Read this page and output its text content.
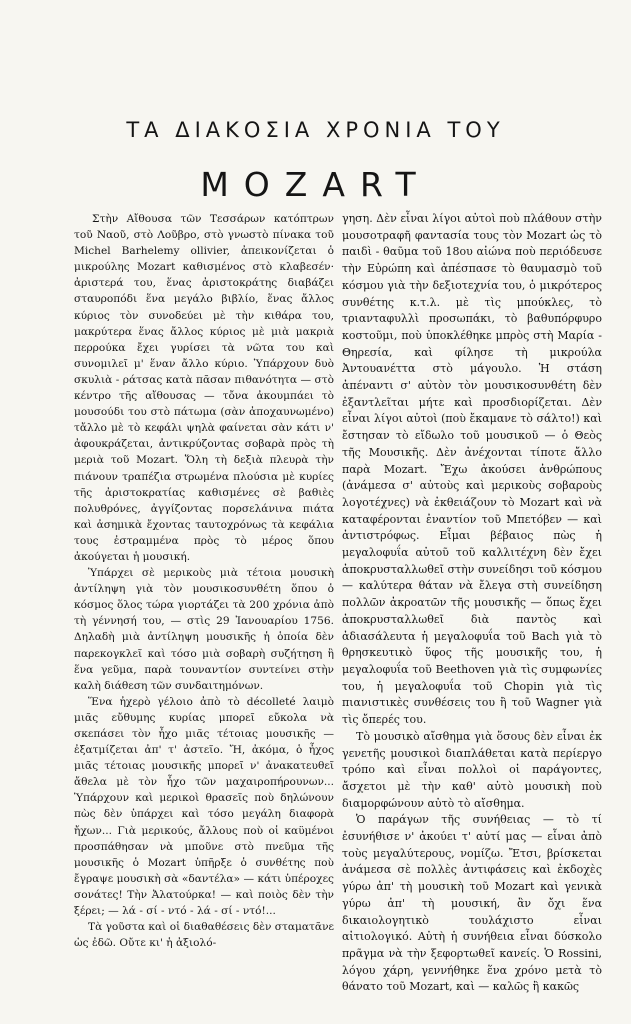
ΤΑ ΔΙΑΚΟΣΙΑ ΧΡΟΝΙΑ ΤΟΥ
MOZART

Στὴν Αἴθουσα τῶν Τεσσάρων κατόπτρων τοῦ Ναοῦ, στὸ Λοῦβρο, στὸ γνωστὸ πίνακα τοῦ Michel Barhelemy ollivier, ἀπεικονίζεται ὁ μικρούλης Mozart καθισμένος στὸ κλαβεσέν· ἀριστερά του, ἕνας ἀριστοκράτης διαβάζει σταυροπόδι ἕνα μεγάλο βιβλίο, ἕνας ἄλλος κύριος τὸν συνοδεύει μὲ τὴν κιθάρα του, μακρύτερα ἕνας ἄλλος κύριος μὲ μιὰ μακριὰ περρούκα ἔχει γυρίσει τὰ νῶτα του καὶ συνομιλεῖ μ' ἕναν ἄλλο κύριο. Ὑπάρχουν δυὸ σκυλιὰ - ράτσας κατὰ πᾶσαν πιθανότητα — στὸ κέντρο τῆς αἴθουσας — τὄνα ἀκουμπάει τὸ μουσούδι του στὸ πάτωμα (σὰν ἀποχαυνωμένο) τἄλλο μὲ τὸ κεφάλι ψηλὰ φαίνεται σὰν κάτι ν' ἀφουκράζεται, ἀντικρύζοντας σοβαρὰ πρὸς τὴ μεριὰ τοῦ Mozart. Ὅλη τὴ δεξιὰ πλευρὰ τὴν πιάνουν τραπέζια στρωμένα πλούσια μὲ κυρίες τῆς ἀριστοκρατίας καθισμένες σὲ βαθιὲς πολυθρόνες, ἀγγίζοντας πορσελάνινα πιάτα καὶ ἀσημικὰ ἔχοντας ταυτοχρόνως τὰ κεφάλια τους ἐστραμμένα πρὸς τὸ μέρος ὅπου ἀκούγεται ἡ μουσική.

Ὑπάρχει σὲ μερικοὺς μιὰ τέτοια μουσικὴ ἀντίληψη γιὰ τὸν μουσικοσυνθέτη ὅπου ὁ κόσμος ὅλος τώρα γιορτάζει τὰ 200 χρόνια ἀπὸ τὴ γέννησή του, — στὶς 29 Ἰανουαρίου 1756. Δηλαδὴ μιὰ ἀντίληψη μουσικῆς ἡ ὁποία δὲν παρεκογκλεῖ καὶ τόσο μιὰ σοβαρὴ συζήτηση ἢ ἕνα γεῦμα, παρὰ τουναντίον συντείνει στὴν καλὴ διάθεση τῶν συνδαιτημόνων.

Ἕνα ἠχερὸ γέλοιο ἀπὸ τὸ décolleté λαιμὸ μιᾶς εὔθυμης κυρίας μπορεῖ εὔκολα νὰ σκεπάσει τὸν ἦχο μιᾶς τέτοιας μουσικῆς — ἐξατμίζεται ἀπ' τ' ἀστεῖο. Ἤ, ἀκόμα, ὁ ἦχος μιᾶς τέτοιας μουσικῆς μπορεῖ ν' ἀνακατευθεῖ ἄθελα μὲ τὸν ἦχο τῶν μαχαιροπήρουνων... Ὑπάρχουν καὶ μερικοὶ θρασεῖς ποὺ δηλώνουν πὼς δὲν ὑπάρχει καὶ τόσο μεγάλη διαφορὰ ἤχων... Γιὰ μερικούς, ἄλλους ποὺ οἱ καϋμένοι προσπάθησαν νὰ μποῦνε στὸ πνεῦμα τῆς μουσικῆς ὁ Mozart ὑπῆρξε ὁ συνθέτης ποὺ ἔγραψε μουσικὴ σὰ «δαντέλα» — κάτι ὑπέροχες σονάτες! Τὴν Ἀλατούρκα! — καὶ ποιὸς δὲν τὴν ξέρει; — λά - σί - ντό - λά - σί - ντό!...

Τὰ γοῦστα καὶ οἱ διαθαθέσεις δὲν σταματᾶνε ὡς ἐδῶ. Οὔτε κι' ἡ ἀξιολό-

γηση. Δὲν εἶναι λίγοι αὐτοὶ ποὺ πλάθουν στὴν μουσοτραφῆ φαντασία τους τὸν Mozart ὡς τὸ παιδὶ - θαῦμα τοῦ 18ου αἰώνα ποὺ περιόδευσε τὴν Εὐρώπη καὶ ἀπέσπασε τὸ θαυμασμὸ τοῦ κόσμου γιὰ τὴν δεξιοτεχνία του, ὁ μικρότερος συνθέτης κ.τ.λ. μὲ τὶς μπούκλες, τὸ τριανταφυλλὶ προσωπάκι, τὸ βαθυπόρφυρο κοστοῦμι, ποὺ ὑποκλέθηκε μπρὸς στὴ Μαρία - Θηρεσία, καὶ φίλησε τὴ μικρούλα Ἀντουανέττα στὸ μάγουλο. Ἡ στάση ἀπέναντι σ' αὐτὸν τὸν μουσικοσυνθέτη δὲν ἐξαντλεῖται μήτε καὶ προσδιορίζεται. Δὲν εἶναι λίγοι αὐτοὶ (ποὺ ἔκαμανε τὸ σάλτο!) καὶ ἔστησαν τὸ εἴδωλο τοῦ μουσικοῦ — ὁ Θεὸς τῆς Μουσικῆς. Δὲν ἀνέχονται τίποτε ἄλλο παρὰ Mozart. Ἔχω ἀκούσει ἀνθρώπους (ἀνάμεσα σ' αὐτοὺς καὶ μερικοὺς σοβαροὺς λογοτέχνες) νὰ ἐκθειάζουν τὸ Mozart καὶ νὰ καταφέρονται ἐναντίον τοῦ Μπετόβεν — καὶ ἀντιστρόφως. Εἶμαι βέβαιος πὼς ἡ μεγαλοφυΐα αὐτοῦ τοῦ καλλιτέχνη δὲν ἔχει ἀποκρυσταλλωθεῖ στὴν συνείδησι τοῦ κόσμου — καλύτερα θάταν νὰ ἔλεγα στὴ συνείδηση πολλῶν ἀκροατῶν τῆς μουσικῆς — ὅπως ἔχει ἀποκρυσταλλωθεῖ διὰ παντὸς καὶ ἀδιασάλευτα ἡ μεγαλοφυΐα τοῦ Bach γιὰ τὸ θρησκευτικὸ ὕφος τῆς μουσικῆς του, ἡ μεγαλοφυΐα τοῦ Beethoven γιὰ τὶς συμφωνίες του, ἡ μεγαλοφυΐα τοῦ Chopin γιὰ τὶς πιανιστικὲς συνθέσεις του ἢ τοῦ Wagner γιὰ τὶς ὄπερές του.

Τὸ μουσικὸ αἴσθημα γιὰ ὅσους δὲν εἶναι ἐκ γενετῆς μουσικοὶ διαπλάθεται κατὰ περίεργο τρόπο καὶ εἶναι πολλοὶ οἱ παράγοντες, ἄσχετοι μὲ τὴν καθ' αὐτὸ μουσικὴ ποὺ διαμορφώνουν αὐτὸ τὸ αἴσθημα.

Ὁ παράγων τῆς συνήθειας — τὸ τί ἐσυνήθισε ν' ἀκούει τ' αὐτί μας — εἶναι ἀπὸ τοὺς μεγαλύτερους, νομίζω. Ἔτσι, βρίσκεται ἀνάμεσα σὲ πολλὲς ἀντιφάσεις καὶ ἐκδοχὲς γύρω ἀπ' τὴ μουσικὴ τοῦ Mozart καὶ γενικὰ γύρω ἀπ' τὴ μουσική, ἂν ὄχι ἕνα δικαιολογητικὸ τουλάχιστο εἶναι αἰτιολογικό. Αὐτὴ ἡ συνήθεια εἶναι δύσκολο πρᾶγμα νὰ τὴν ξεφορτωθεῖ κανείς. Ὁ Rossini, λόγου χάρη, γεννήθηκε ἕνα χρόνο μετὰ τὸ θάνατο τοῦ Mozart, καὶ — καλῶς ἢ κακῶς
